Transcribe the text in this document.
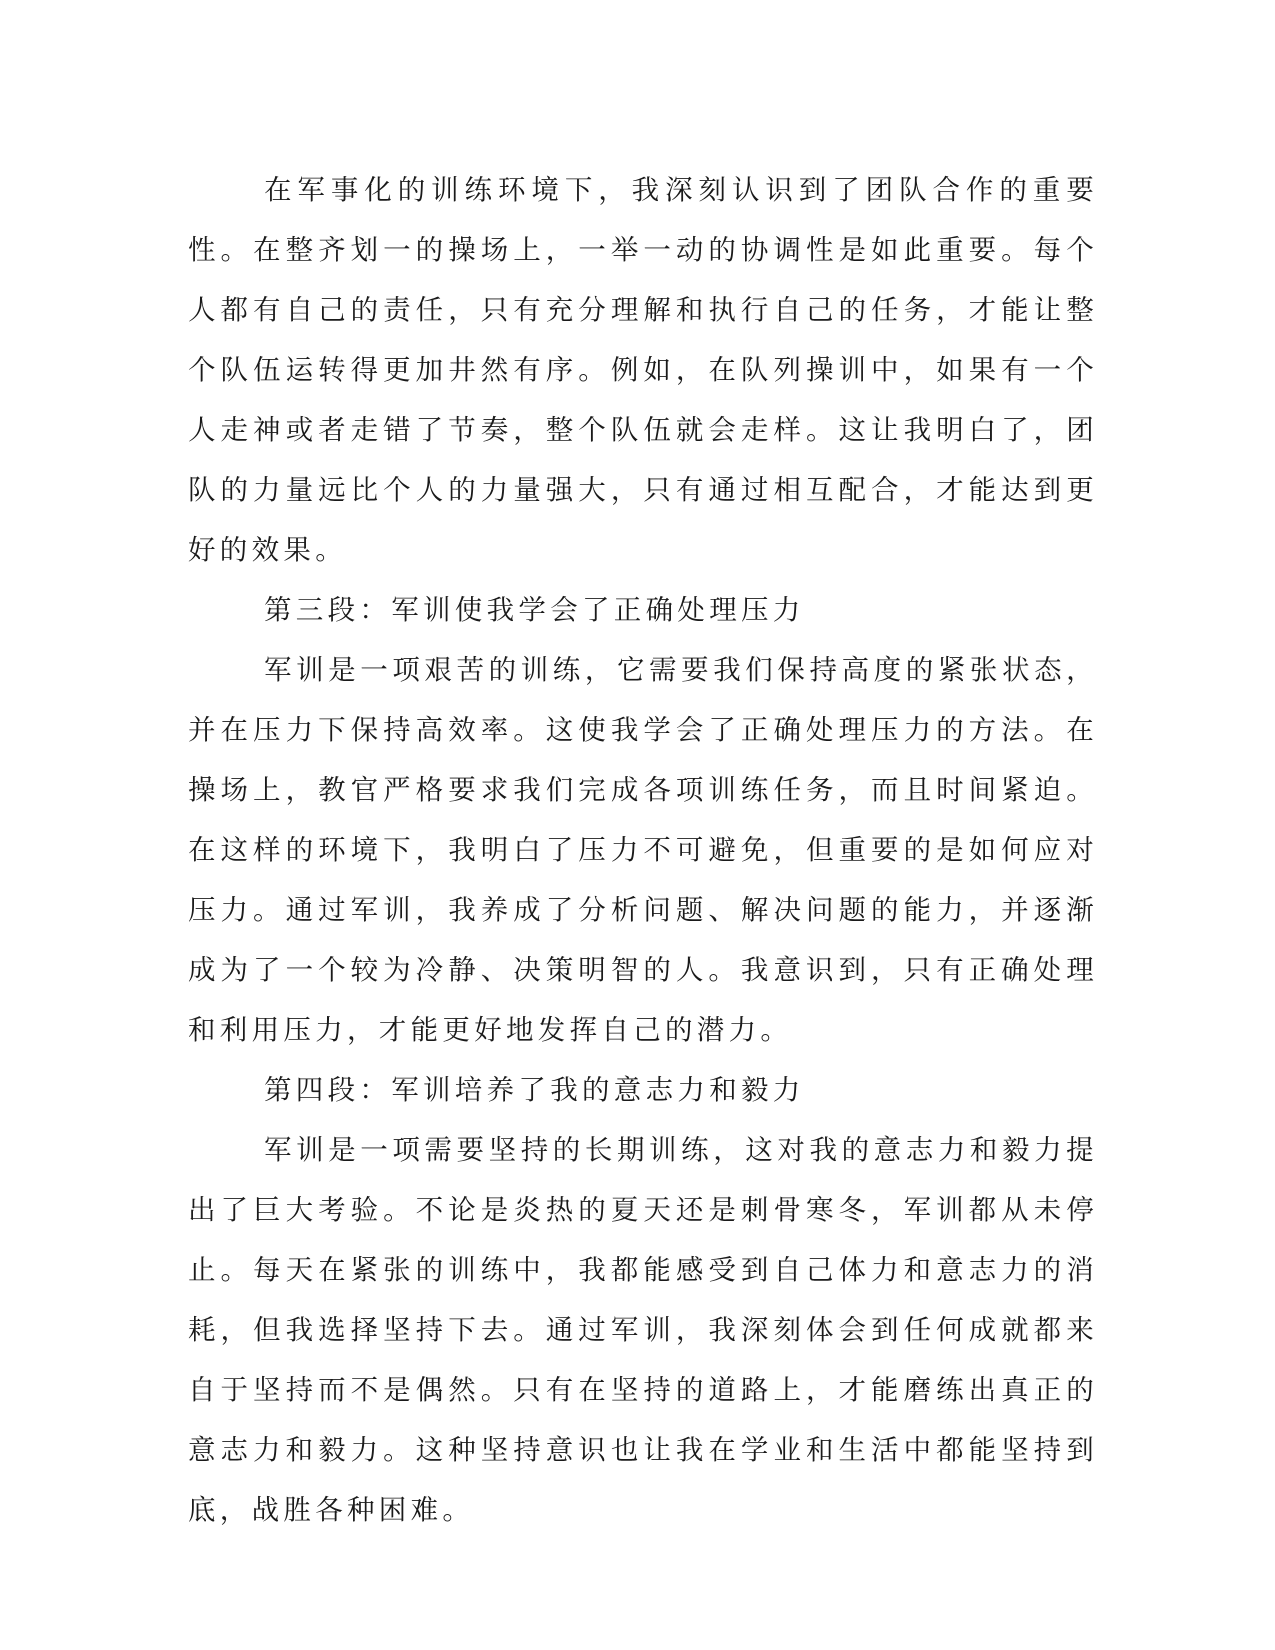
在军事化的训练环境下，我深刻认识到了团队合作的重要性。在整齐划一的操场上，一举一动的协调性是如此重要。每个人都有自己的责任，只有充分理解和执行自己的任务，才能让整个队伍运转得更加井然有序。例如，在队列操训中，如果有一个人走神或者走错了节奏，整个队伍就会走样。这让我明白了，团队的力量远比个人的力量强大，只有通过相互配合，才能达到更好的效果。

第三段：军训使我学会了正确处理压力

军训是一项艰苦的训练，它需要我们保持高度的紧张状态，并在压力下保持高效率。这使我学会了正确处理压力的方法。在操场上，教官严格要求我们完成各项训练任务，而且时间紧迫。在这样的环境下，我明白了压力不可避免，但重要的是如何应对压力。通过军训，我养成了分析问题、解决问题的能力，并逐渐成为了一个较为冷静、决策明智的人。我意识到，只有正确处理和利用压力，才能更好地发挥自己的潜力。

第四段：军训培养了我的意志力和毅力

军训是一项需要坚持的长期训练，这对我的意志力和毅力提出了巨大考验。不论是炎热的夏天还是刺骨寒冬，军训都从未停止。每天在紧张的训练中，我都能感受到自己体力和意志力的消耗，但我选择坚持下去。通过军训，我深刻体会到任何成就都来自于坚持而不是偶然。只有在坚持的道路上，才能磨练出真正的意志力和毅力。这种坚持意识也让我在学业和生活中都能坚持到底，战胜各种困难。
